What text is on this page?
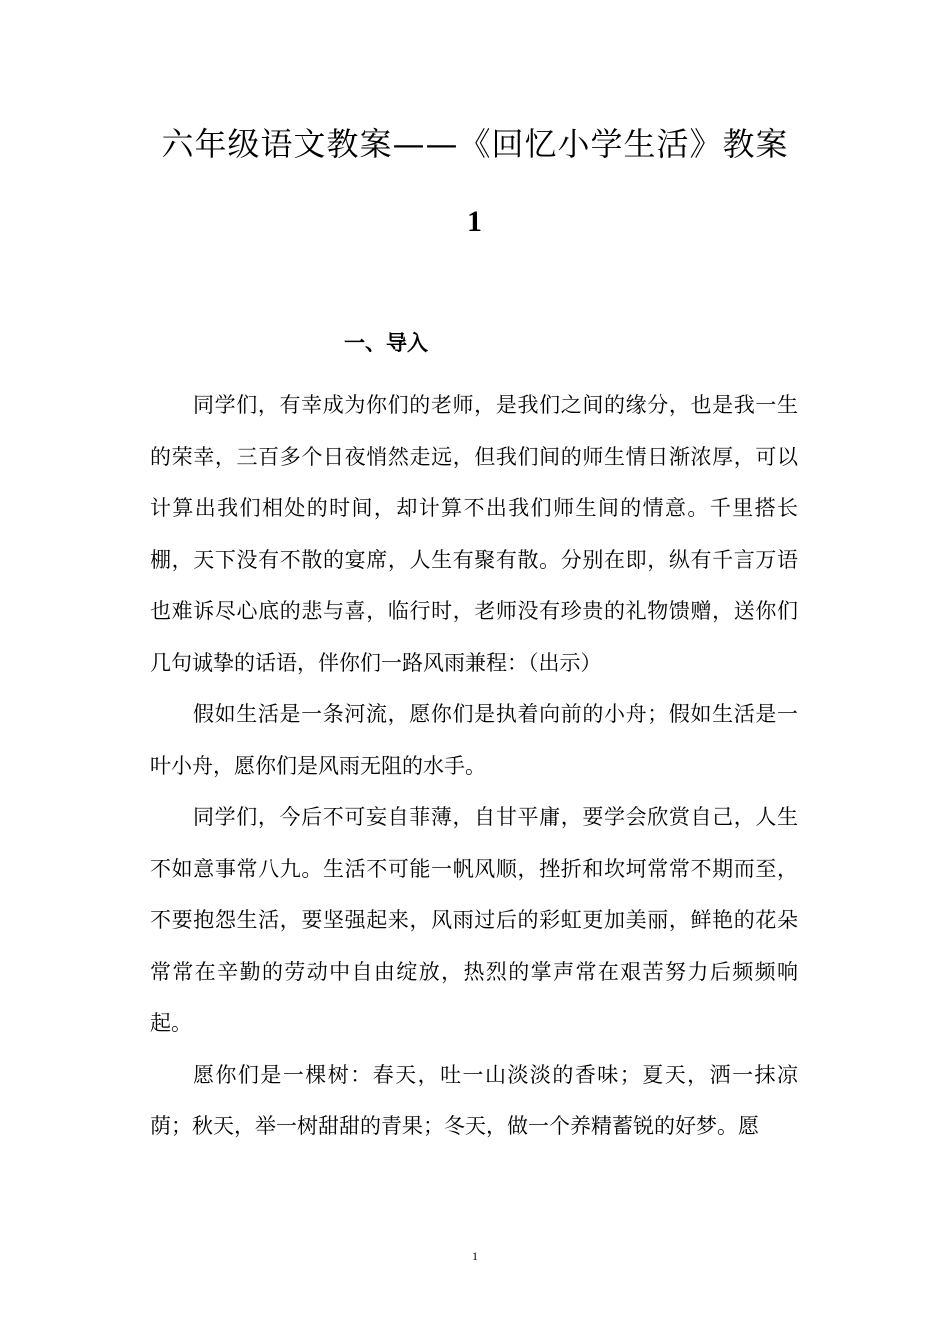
六年级语文教案——《回忆小学生活》教案
1
一、导入

同学们，有幸成为你们的老师，是我们之间的缘分，也是我一生的荣幸，三百多个日夜悄然走远，但我们间的师生情日渐浓厚，可以计算出我们相处的时间，却计算不出我们师生间的情意。千里搭长棚，天下没有不散的宴席，人生有聚有散。分别在即，纵有千言万语也难诉尽心底的悲与喜，临行时，老师没有珍贵的礼物馈赠，送你们几句诚挚的话语，伴你们一路风雨兼程：（出示）

假如生活是一条河流，愿你们是执着向前的小舟；假如生活是一叶小舟，愿你们是风雨无阻的水手。

同学们，今后不可妄自菲薄，自甘平庸，要学会欣赏自己，人生不如意事常八九。生活不可能一帆风顺，挫折和坎坷常常不期而至，不要抱怨生活，要坚强起来，风雨过后的彩虹更加美丽，鲜艳的花朵常常在辛勤的劳动中自由绽放，热烈的掌声常在艰苦努力后频频响起。

愿你们是一棵树：春天，吐一山淡淡的香味；夏天，洒一抹凉荫；秋天，举一树甜甜的青果；冬天，做一个养精蓄锐的好梦。愿

1
